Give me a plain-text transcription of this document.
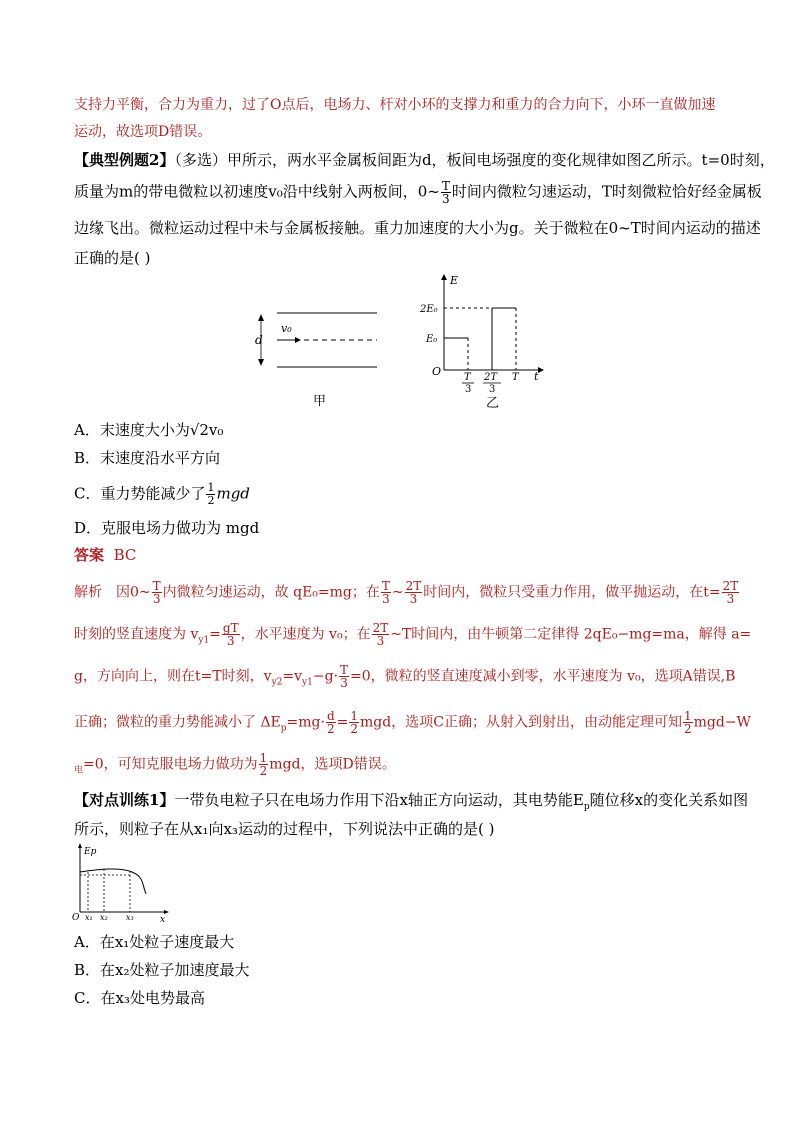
支持力平衡，合力为重力，过了O点后，电场力、杆对小环的支撑力和重力的合力向下，小环一直做加速
运动，故选项D错误。
【典型例题2】（多选）甲所示，两水平金属板间距为d，板间电场强度的变化规律如图乙所示。t=0时刻，
质量为m的带电微粒以初速度v₀沿中线射入两板间，0~ $\frac{T}{3}$ 时间内微粒匀速运动，T时刻微粒恰好经金属板
边缘飞出。微粒运动过程中未与金属板接触。重力加速度的大小为g。关于微粒在0~T时间内运动的描述
正确的是( )
d
v₀
甲
E
t
O
2E₀
E₀
T
3
2T
3
T
乙
A．末速度大小为√2v₀
B．末速度沿水平方向
C．重力势能减少了 $\frac{1}{2}$ mgd
D．克服电场力做功为 mgd
答案 BC
解析　因0~ $\frac{T}{3}$ 内微粒匀速运动，故 qE₀=mg；在 $\frac{T}{3}$ ~ $\frac{2T}{3}$ 时间内，微粒只受重力作用，做平抛运动，在$t= \frac{2T}{3}$
时刻的竖直速度为 $v_{y1}= \frac{gT}{3}$ ，水平速度为 v₀；在 $\frac{2T}{3}$ ~T时间内，由牛顿第二定律得 2qE₀−mg=ma，解得 a=
g，方向向上，则在t=T时刻，$v_{y2}=v_{y1}-g\cdot \frac{T}{3} =0$，微粒的竖直速度减小到零，水平速度为 v₀，选项A错误,B
正确；微粒的重力势能减小了 $\Delta E_p=mg\cdot \frac{d}{2} = \frac{1}{2}$ mgd，选项C正确；从射入到射出，由动能定理可知 $\frac{1}{2} mgd-W$
$_电$=0，可知克服电场力做功为 $\frac{1}{2}$ mgd，选项D错误。
【对点训练1】一带负电粒子只在电场力作用下沿x轴正方向运动，其电势能$E_p$随位移x的变化关系如图
所示，则粒子在从x₁向x₃运动的过程中，下列说法中正确的是( )
Ep
x
O x₁ x₂ x₃
A．在x₁处粒子速度最大
B．在x₂处粒子加速度最大
C．在x₃处电势最高
